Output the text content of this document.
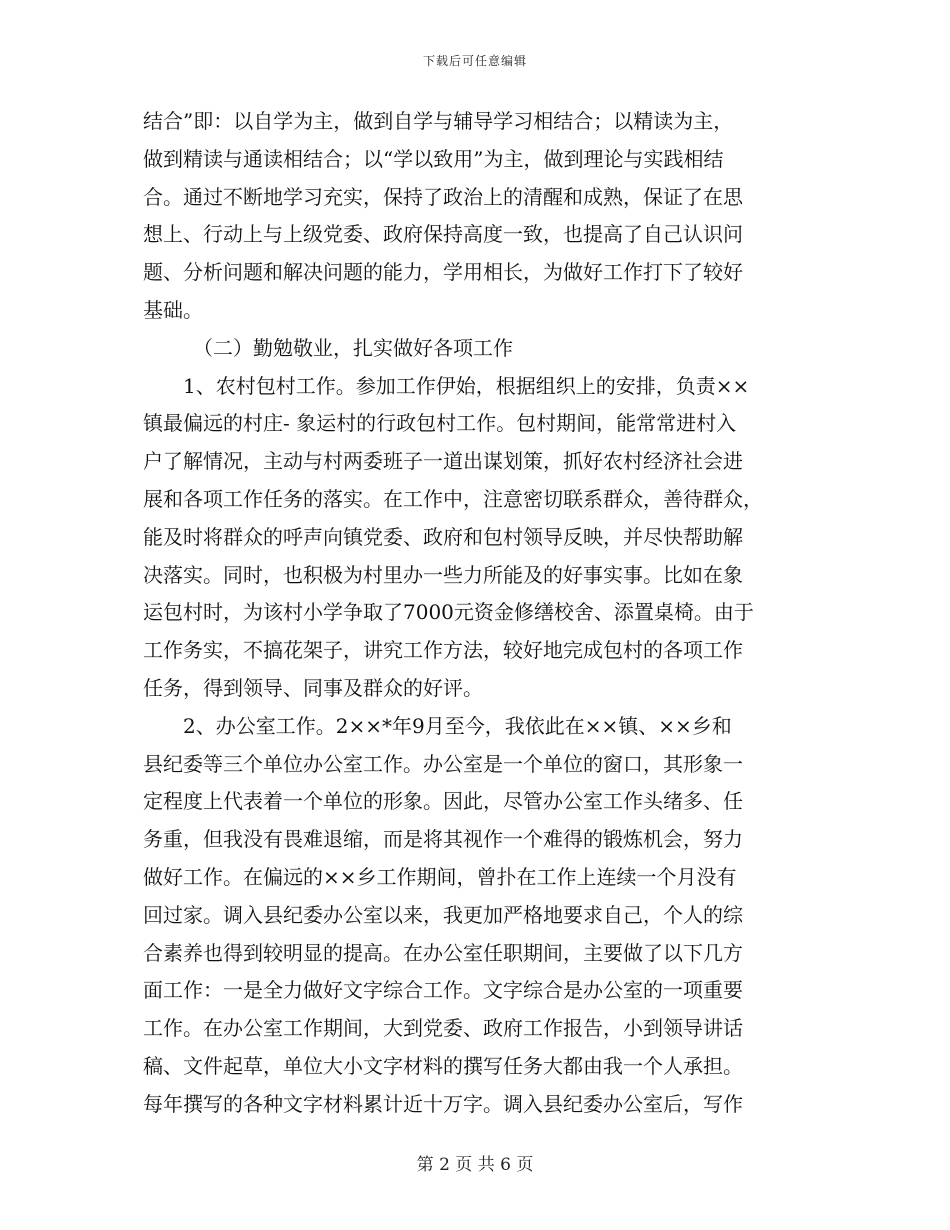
下载后可任意编辑
结合”即：以自学为主，做到自学与辅导学习相结合；以精读为主，
做到精读与通读相结合；以“学以致用”为主，做到理论与实践相结
合。通过不断地学习充实，保持了政治上的清醒和成熟，保证了在思
想上、行动上与上级党委、政府保持高度一致，也提高了自己认识问
题、分析问题和解决问题的能力，学用相长，为做好工作打下了较好
基础。
　　　（二）勤勉敬业，扎实做好各项工作
　　1、农村包村工作。参加工作伊始，根据组织上的安排，负责××
镇最偏远的村庄- 象运村的行政包村工作。包村期间，能常常进村入
户了解情况，主动与村两委班子一道出谋划策，抓好农村经济社会进
展和各项工作任务的落实。在工作中，注意密切联系群众，善待群众，
能及时将群众的呼声向镇党委、政府和包村领导反映，并尽快帮助解
决落实。同时，也积极为村里办一些力所能及的好事实事。比如在象
运包村时，为该村小学争取了7000元资金修缮校舍、添置桌椅。由于
工作务实，不搞花架子，讲究工作方法，较好地完成包村的各项工作
任务，得到领导、同事及群众的好评。
　　2、办公室工作。2××*年9月至今，我依此在××镇、××乡和
县纪委等三个单位办公室工作。办公室是一个单位的窗口，其形象一
定程度上代表着一个单位的形象。因此，尽管办公室工作头绪多、任
务重，但我没有畏难退缩，而是将其视作一个难得的锻炼机会，努力
做好工作。在偏远的××乡工作期间，曾扑在工作上连续一个月没有
回过家。调入县纪委办公室以来，我更加严格地要求自己，个人的综
合素养也得到较明显的提高。在办公室任职期间，主要做了以下几方
面工作：一是全力做好文字综合工作。文字综合是办公室的一项重要
工作。在办公室工作期间，大到党委、政府工作报告，小到领导讲话
稿、文件起草，单位大小文字材料的撰写任务大都由我一个人承担。
每年撰写的各种文字材料累计近十万字。调入县纪委办公室后，写作
第 2 页 共 6 页
